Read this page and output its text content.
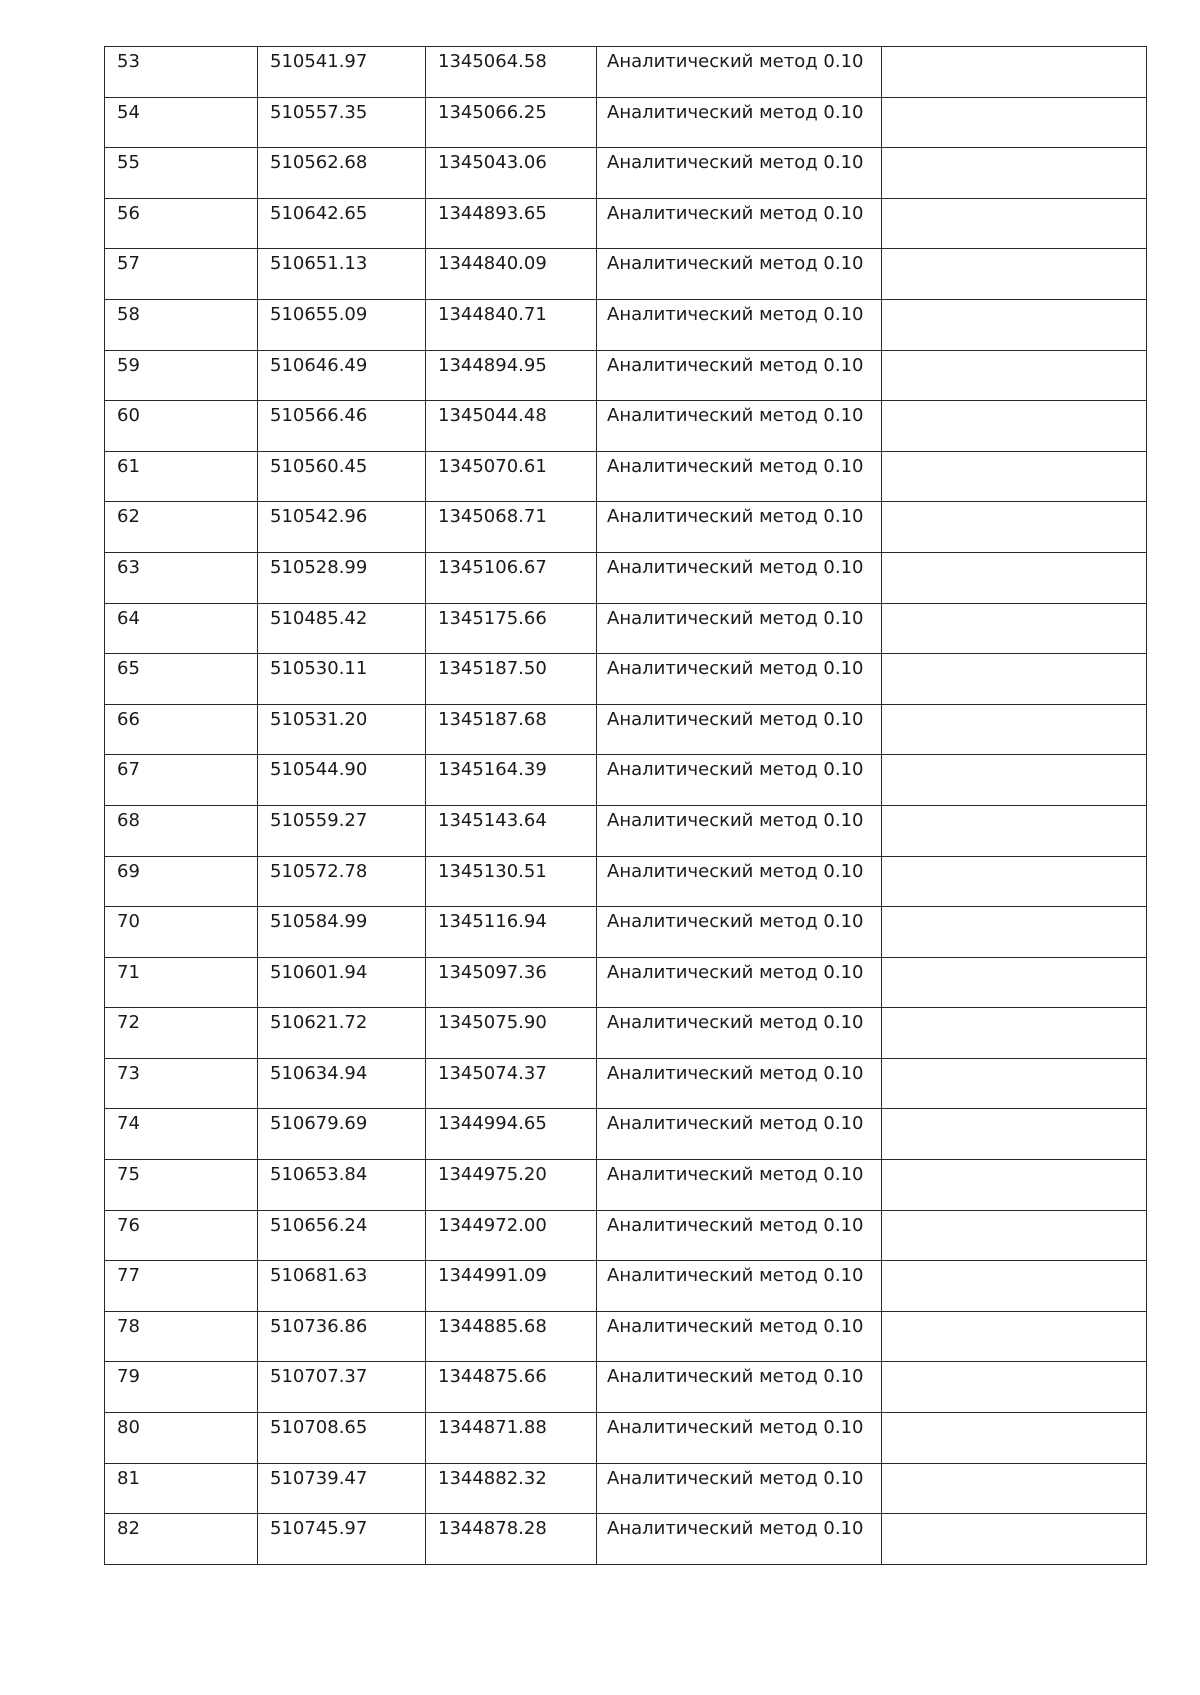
53	510541.97	1345064.58	Аналитический метод 0.10	

54	510557.35	1345066.25	Аналитический метод 0.10	

55	510562.68	1345043.06	Аналитический метод 0.10	

56	510642.65	1344893.65	Аналитический метод 0.10	

57	510651.13	1344840.09	Аналитический метод 0.10	

58	510655.09	1344840.71	Аналитический метод 0.10	

59	510646.49	1344894.95	Аналитический метод 0.10	

60	510566.46	1345044.48	Аналитический метод 0.10	

61	510560.45	1345070.61	Аналитический метод 0.10	

62	510542.96	1345068.71	Аналитический метод 0.10	

63	510528.99	1345106.67	Аналитический метод 0.10	

64	510485.42	1345175.66	Аналитический метод 0.10	

65	510530.11	1345187.50	Аналитический метод 0.10	

66	510531.20	1345187.68	Аналитический метод 0.10	

67	510544.90	1345164.39	Аналитический метод 0.10	

68	510559.27	1345143.64	Аналитический метод 0.10	

69	510572.78	1345130.51	Аналитический метод 0.10	

70	510584.99	1345116.94	Аналитический метод 0.10	

71	510601.94	1345097.36	Аналитический метод 0.10	

72	510621.72	1345075.90	Аналитический метод 0.10	

73	510634.94	1345074.37	Аналитический метод 0.10	

74	510679.69	1344994.65	Аналитический метод 0.10	

75	510653.84	1344975.20	Аналитический метод 0.10	

76	510656.24	1344972.00	Аналитический метод 0.10	

77	510681.63	1344991.09	Аналитический метод 0.10	

78	510736.86	1344885.68	Аналитический метод 0.10	

79	510707.37	1344875.66	Аналитический метод 0.10	

80	510708.65	1344871.88	Аналитический метод 0.10	

81	510739.47	1344882.32	Аналитический метод 0.10	

82	510745.97	1344878.28	Аналитический метод 0.10	
